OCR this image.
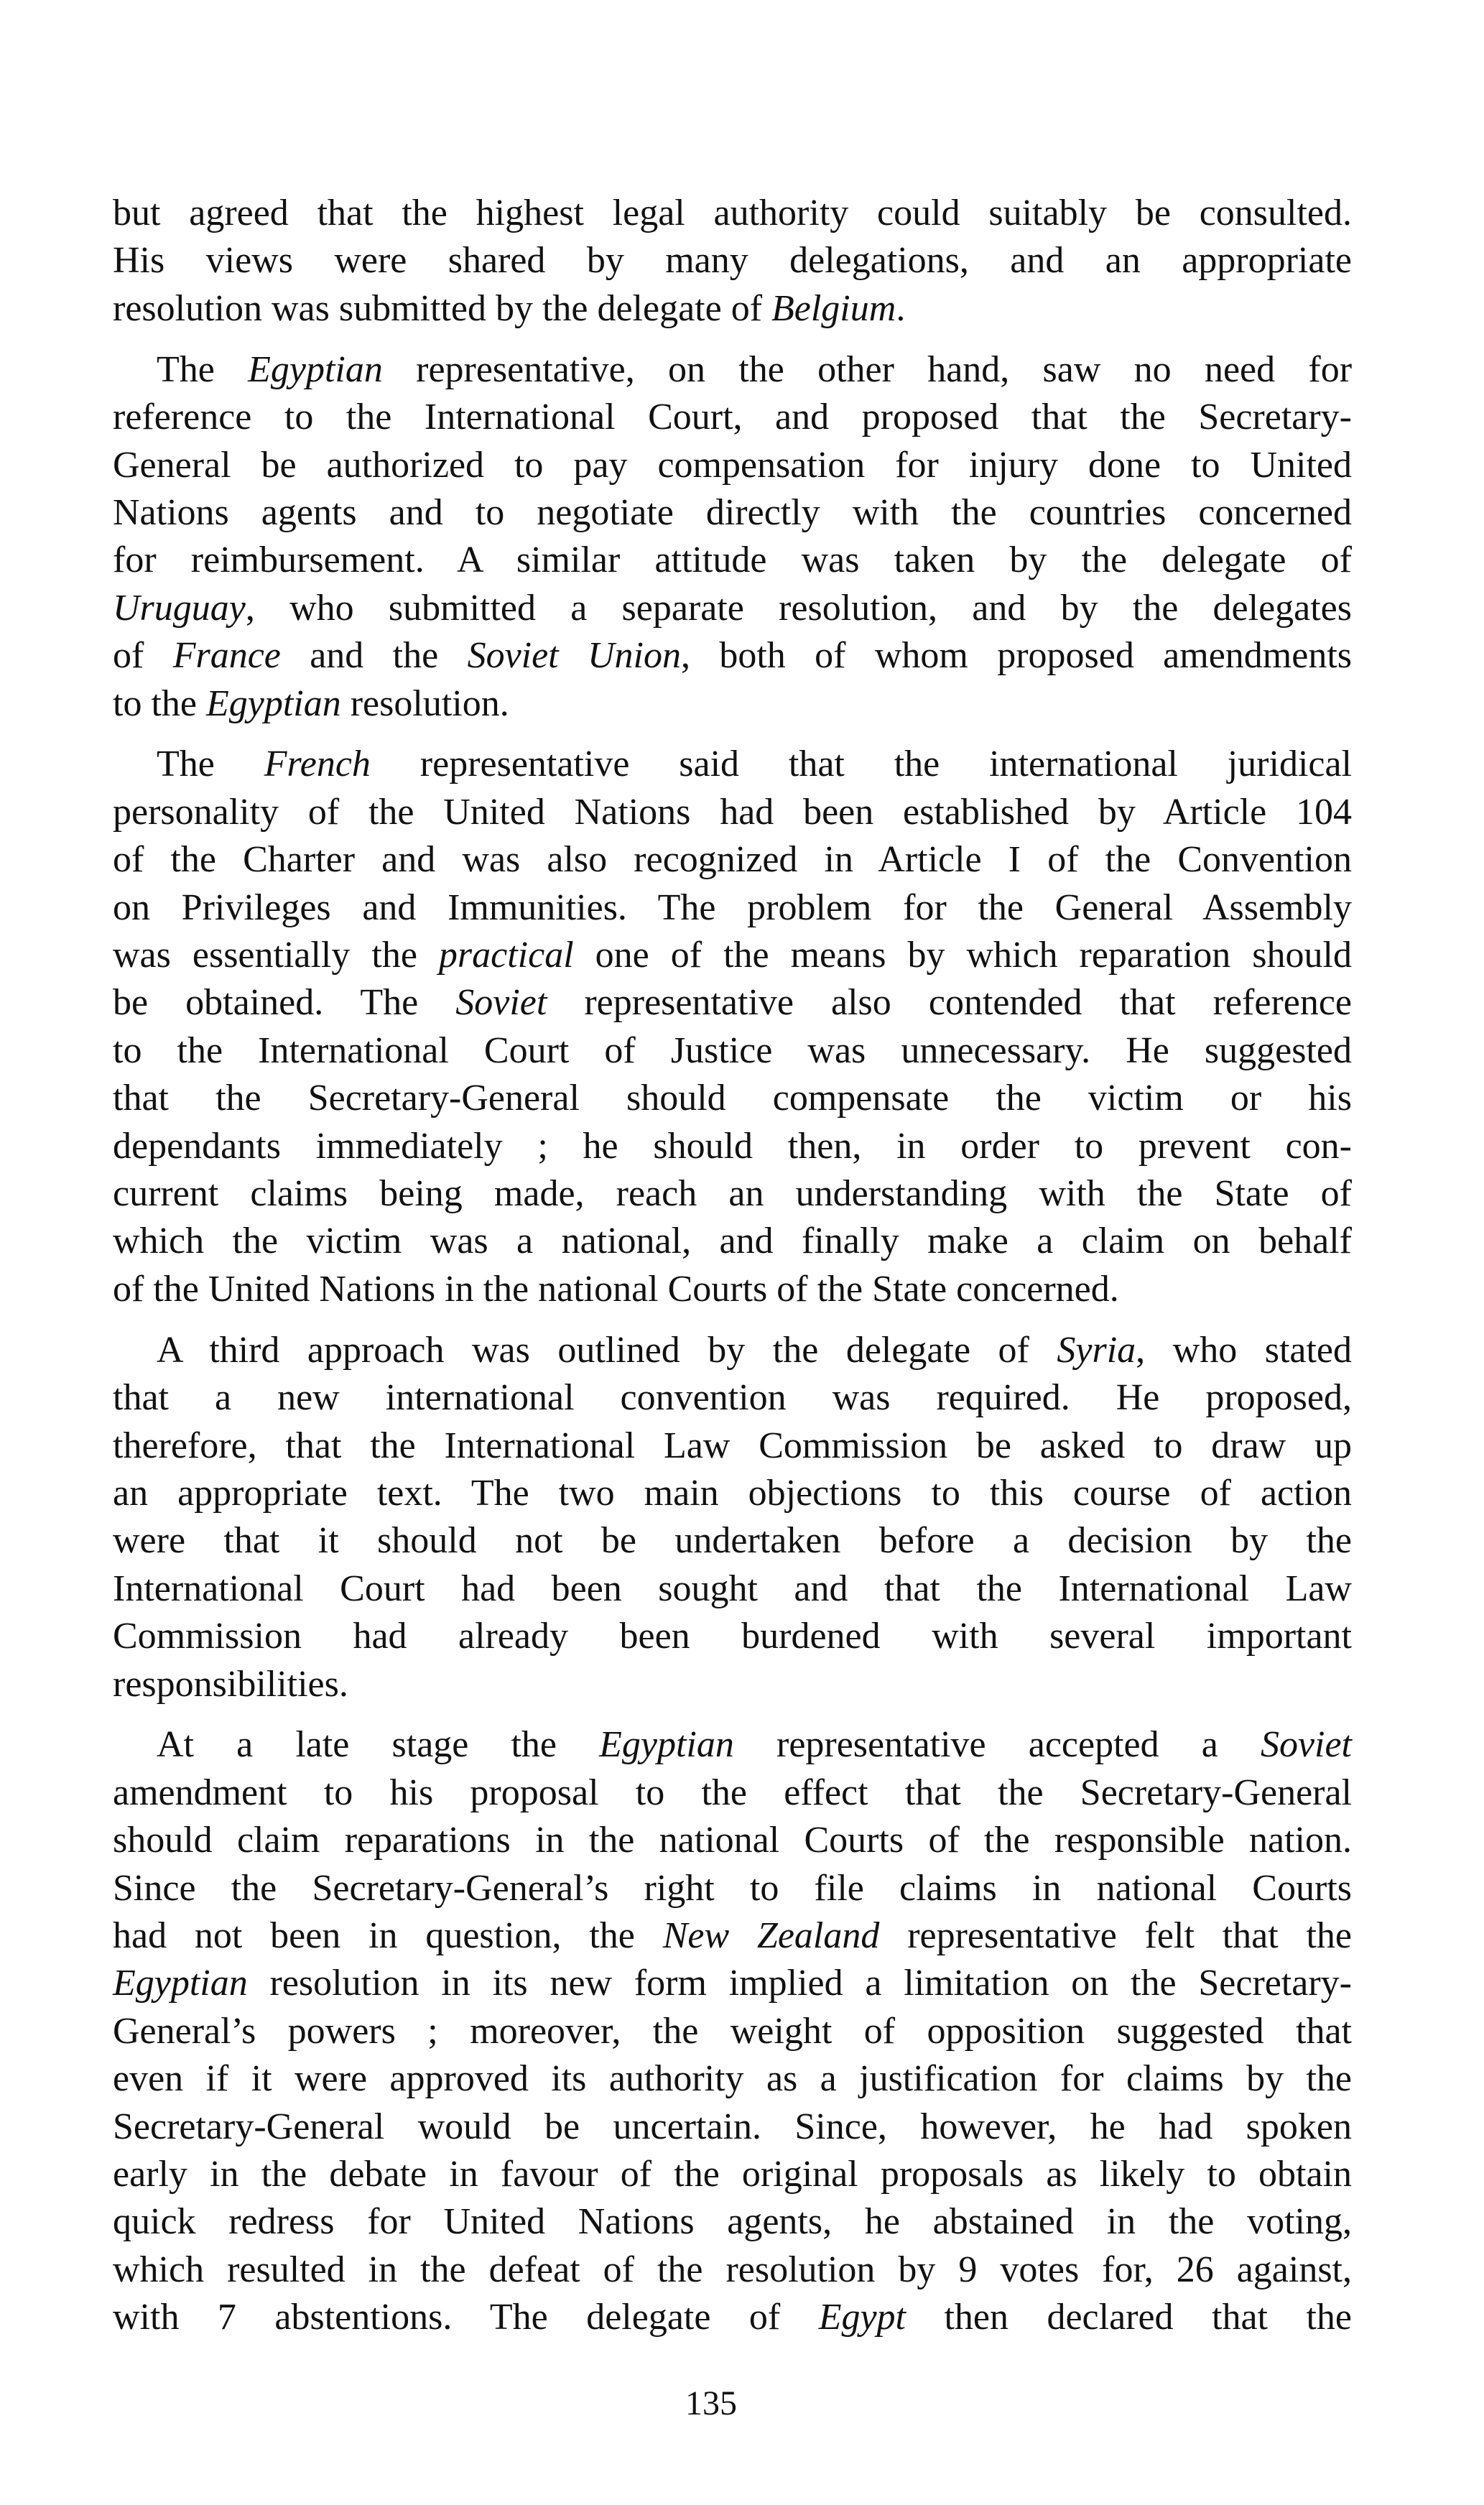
but agreed that the highest legal authority could suitably be consulted.
His views were shared by many delegations, and an appropriate
resolution was submitted by the delegate of Belgium.
The Egyptian representative, on the other hand, saw no need for
reference to the International Court, and proposed that the Secretary-
General be authorized to pay compensation for injury done to United
Nations agents and to negotiate directly with the countries concerned
for reimbursement. A similar attitude was taken by the delegate of
Uruguay, who submitted a separate resolution, and by the delegates
of France and the Soviet Union, both of whom proposed amendments
to the Egyptian resolution.
The French representative said that the international juridical
personality of the United Nations had been established by Article 104
of the Charter and was also recognized in Article I of the Convention
on Privileges and Immunities. The problem for the General Assembly
was essentially the practical one of the means by which reparation should
be obtained. The Soviet representative also contended that reference
to the International Court of Justice was unnecessary. He suggested
that the Secretary-General should compensate the victim or his
dependants immediately ; he should then, in order to prevent con-
current claims being made, reach an understanding with the State of
which the victim was a national, and finally make a claim on behalf
of the United Nations in the national Courts of the State concerned.
A third approach was outlined by the delegate of Syria, who stated
that a new international convention was required. He proposed,
therefore, that the International Law Commission be asked to draw up
an appropriate text. The two main objections to this course of action
were that it should not be undertaken before a decision by the
International Court had been sought and that the International Law
Commission had already been burdened with several important
responsibilities.
At a late stage the Egyptian representative accepted a Soviet
amendment to his proposal to the effect that the Secretary-General
should claim reparations in the national Courts of the responsible nation.
Since the Secretary-General’s right to file claims in national Courts
had not been in question, the New Zealand representative felt that the
Egyptian resolution in its new form implied a limitation on the Secretary-
General’s powers ; moreover, the weight of opposition suggested that
even if it were approved its authority as a justification for claims by the
Secretary-General would be uncertain. Since, however, he had spoken
early in the debate in favour of the original proposals as likely to obtain
quick redress for United Nations agents, he abstained in the voting,
which resulted in the defeat of the resolution by 9 votes for, 26 against,
with 7 abstentions. The delegate of Egypt then declared that the
135
